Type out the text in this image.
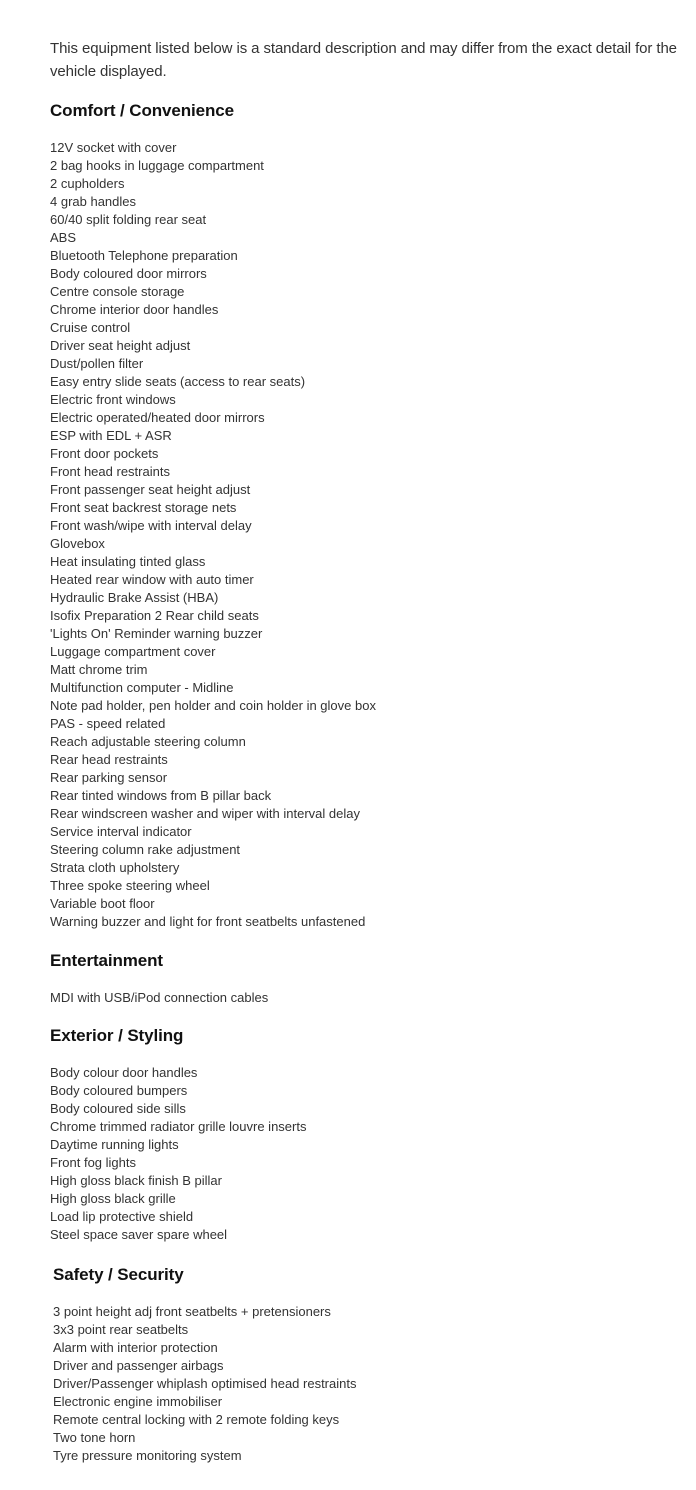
This equipment listed below is a standard description and may differ from the exact detail for the vehicle displayed.

Comfort / Convenience
12V socket with cover
2 bag hooks in luggage compartment
2 cupholders
4 grab handles
60/40 split folding rear seat
ABS
Bluetooth Telephone preparation
Body coloured door mirrors
Centre console storage
Chrome interior door handles
Cruise control
Driver seat height adjust
Dust/pollen filter
Easy entry slide seats (access to rear seats)
Electric front windows
Electric operated/heated door mirrors
ESP with EDL + ASR
Front door pockets
Front head restraints
Front passenger seat height adjust
Front seat backrest storage nets
Front wash/wipe with interval delay
Glovebox
Heat insulating tinted glass
Heated rear window with auto timer
Hydraulic Brake Assist (HBA)
Isofix Preparation 2 Rear child seats
'Lights On' Reminder warning buzzer
Luggage compartment cover
Matt chrome trim
Multifunction computer - Midline
Note pad holder, pen holder and coin holder in glove box
PAS - speed related
Reach adjustable steering column
Rear head restraints
Rear parking sensor
Rear tinted windows from B pillar back
Rear windscreen washer and wiper with interval delay
Service interval indicator
Steering column rake adjustment
Strata cloth upholstery
Three spoke steering wheel
Variable boot floor
Warning buzzer and light for front seatbelts unfastened
Entertainment
MDI with USB/iPod connection cables
Exterior / Styling
Body colour door handles
Body coloured bumpers
Body coloured side sills
Chrome trimmed radiator grille louvre inserts
Daytime running lights
Front fog lights
High gloss black finish B pillar
High gloss black grille
Load lip protective shield
Steel space saver spare wheel
Safety / Security
3 point height adj front seatbelts + pretensioners
3x3 point rear seatbelts
Alarm with interior protection
Driver and passenger airbags
Driver/Passenger whiplash optimised head restraints
Electronic engine immobiliser
Remote central locking with 2 remote folding keys
Two tone horn
Tyre pressure monitoring system
